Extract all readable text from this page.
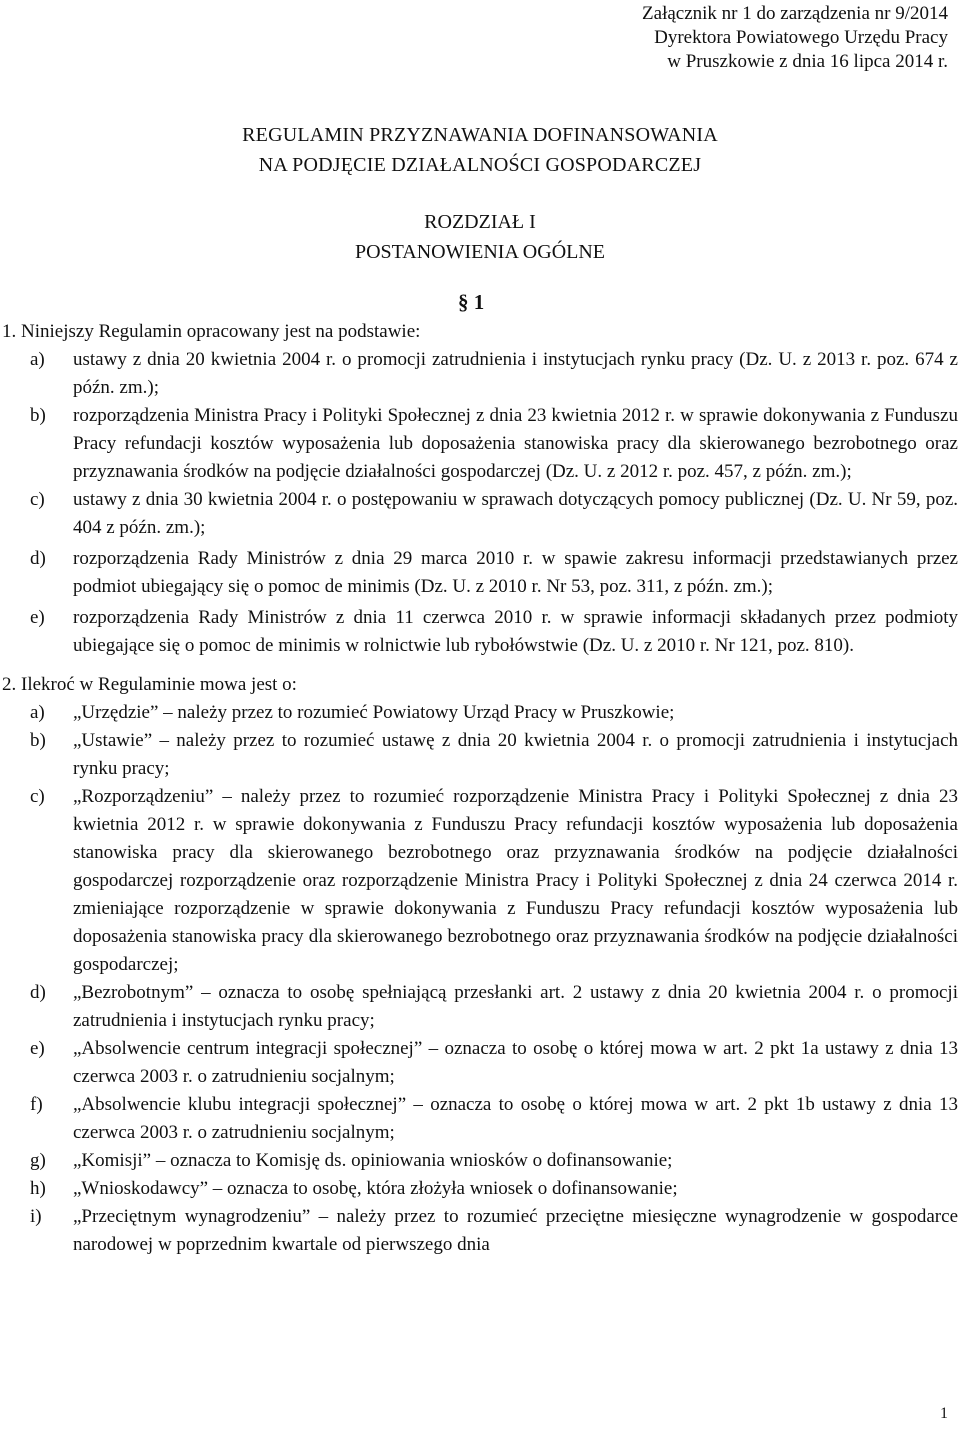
Załącznik nr 1 do zarządzenia nr 9/2014
Dyrektora Powiatowego Urzędu Pracy
w Pruszkowie z dnia 16 lipca 2014 r.
REGULAMIN PRZYZNAWANIA DOFINANSOWANIA
NA PODJĘCIE DZIAŁALNOŚCI GOSPODARCZEJ
ROZDZIAŁ I
POSTANOWIENIA OGÓLNE
§ 1
1. Niniejszy Regulamin opracowany jest na podstawie:
a) ustawy z dnia 20 kwietnia 2004 r. o promocji zatrudnienia i instytucjach rynku pracy (Dz. U. z 2013 r. poz. 674 z późn. zm.);
b) rozporządzenia Ministra Pracy i Polityki Społecznej z dnia 23 kwietnia 2012 r. w sprawie dokonywania z Funduszu Pracy refundacji kosztów wyposażenia lub doposażenia stanowiska pracy dla skierowanego bezrobotnego oraz przyznawania środków na podjęcie działalności gospodarczej (Dz. U. z 2012 r. poz. 457, z późn. zm.);
c) ustawy z dnia 30 kwietnia 2004 r. o postępowaniu w sprawach dotyczących pomocy publicznej (Dz. U. Nr 59, poz. 404 z późn. zm.);
d) rozporządzenia Rady Ministrów z dnia 29 marca 2010 r. w spawie zakresu informacji przedstawianych przez podmiot ubiegający się o pomoc de minimis (Dz. U. z 2010 r. Nr 53, poz. 311, z późn. zm.);
e) rozporządzenia Rady Ministrów z dnia 11 czerwca 2010 r. w sprawie informacji składanych przez podmioty ubiegające się o pomoc de minimis w rolnictwie lub rybołówstwie (Dz. U. z 2010 r. Nr 121, poz. 810).
2. Ilekroć w Regulaminie mowa jest o:
a) „Urzędzie” – należy przez to rozumieć Powiatowy Urząd Pracy w Pruszkowie;
b) „Ustawie” – należy przez to rozumieć ustawę z dnia 20 kwietnia 2004 r. o promocji zatrudnienia i instytucjach rynku pracy;
c) „Rozporządzeniu” – należy przez to rozumieć rozporządzenie Ministra Pracy i Polityki Społecznej z dnia 23 kwietnia 2012 r. w sprawie dokonywania z Funduszu Pracy refundacji kosztów wyposażenia lub doposażenia stanowiska pracy dla skierowanego bezrobotnego oraz przyznawania środków na podjęcie działalności gospodarczej rozporządzenie oraz rozporządzenie Ministra Pracy i Polityki Społecznej z dnia 24 czerwca 2014 r. zmieniające rozporządzenie w sprawie dokonywania z Funduszu Pracy refundacji kosztów wyposażenia lub doposażenia stanowiska pracy dla skierowanego bezrobotnego oraz przyznawania środków na podjęcie działalności gospodarczej;
d) „Bezrobotnym” – oznacza to osobę spełniającą przesłanki art. 2 ustawy z dnia 20 kwietnia 2004 r. o promocji zatrudnienia i instytucjach rynku pracy;
e) „Absolwencie centrum integracji społecznej” – oznacza to osobę o której mowa w art. 2 pkt 1a ustawy z dnia 13 czerwca 2003 r. o zatrudnieniu socjalnym;
f) „Absolwencie klubu integracji społecznej” – oznacza to osobę o której mowa w art. 2 pkt 1b ustawy z dnia 13 czerwca 2003 r. o zatrudnieniu socjalnym;
g) „Komisji” – oznacza to Komisję ds. opiniowania wniosków o dofinansowanie;
h) „Wnioskodawcy” – oznacza to osobę, która złożyła wniosek o dofinansowanie;
i) „Przeciętnym wynagrodzeniu” – należy przez to rozumieć przeciętne miesięczne wynagrodzenie w gospodarce narodowej w poprzednim kwartale od pierwszego dnia
1
